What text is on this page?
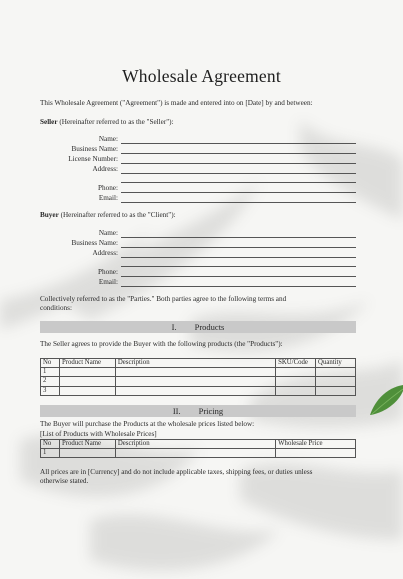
Wholesale Agreement
This Wholesale Agreement ("Agreement") is made and entered into on [Date] by and between:
Seller (Hereinafter referred to as the "Seller"):
Name:
Business Name:
License Number:
Address:
Phone:
Email:
Buyer (Hereinafter referred to as the "Client"):
Name:
Business Name:
Address:
Phone:
Email:
Collectively referred to as the "Parties." Both parties agree to the following terms and
conditions:
I. Products
The Seller agrees to provide the Buyer with the following products (the "Products"):
No	Product Name	Description	SKU/Code	Quantity
1				
2				
3				
II. Pricing
The Buyer will purchase the Products at the wholesale prices listed below:
[List of Products with Wholesale Prices]
No	Product Name	Description	Wholesale Price
1			
All prices are in [Currency] and do not include applicable taxes, shipping fees, or duties unless
otherwise stated.
